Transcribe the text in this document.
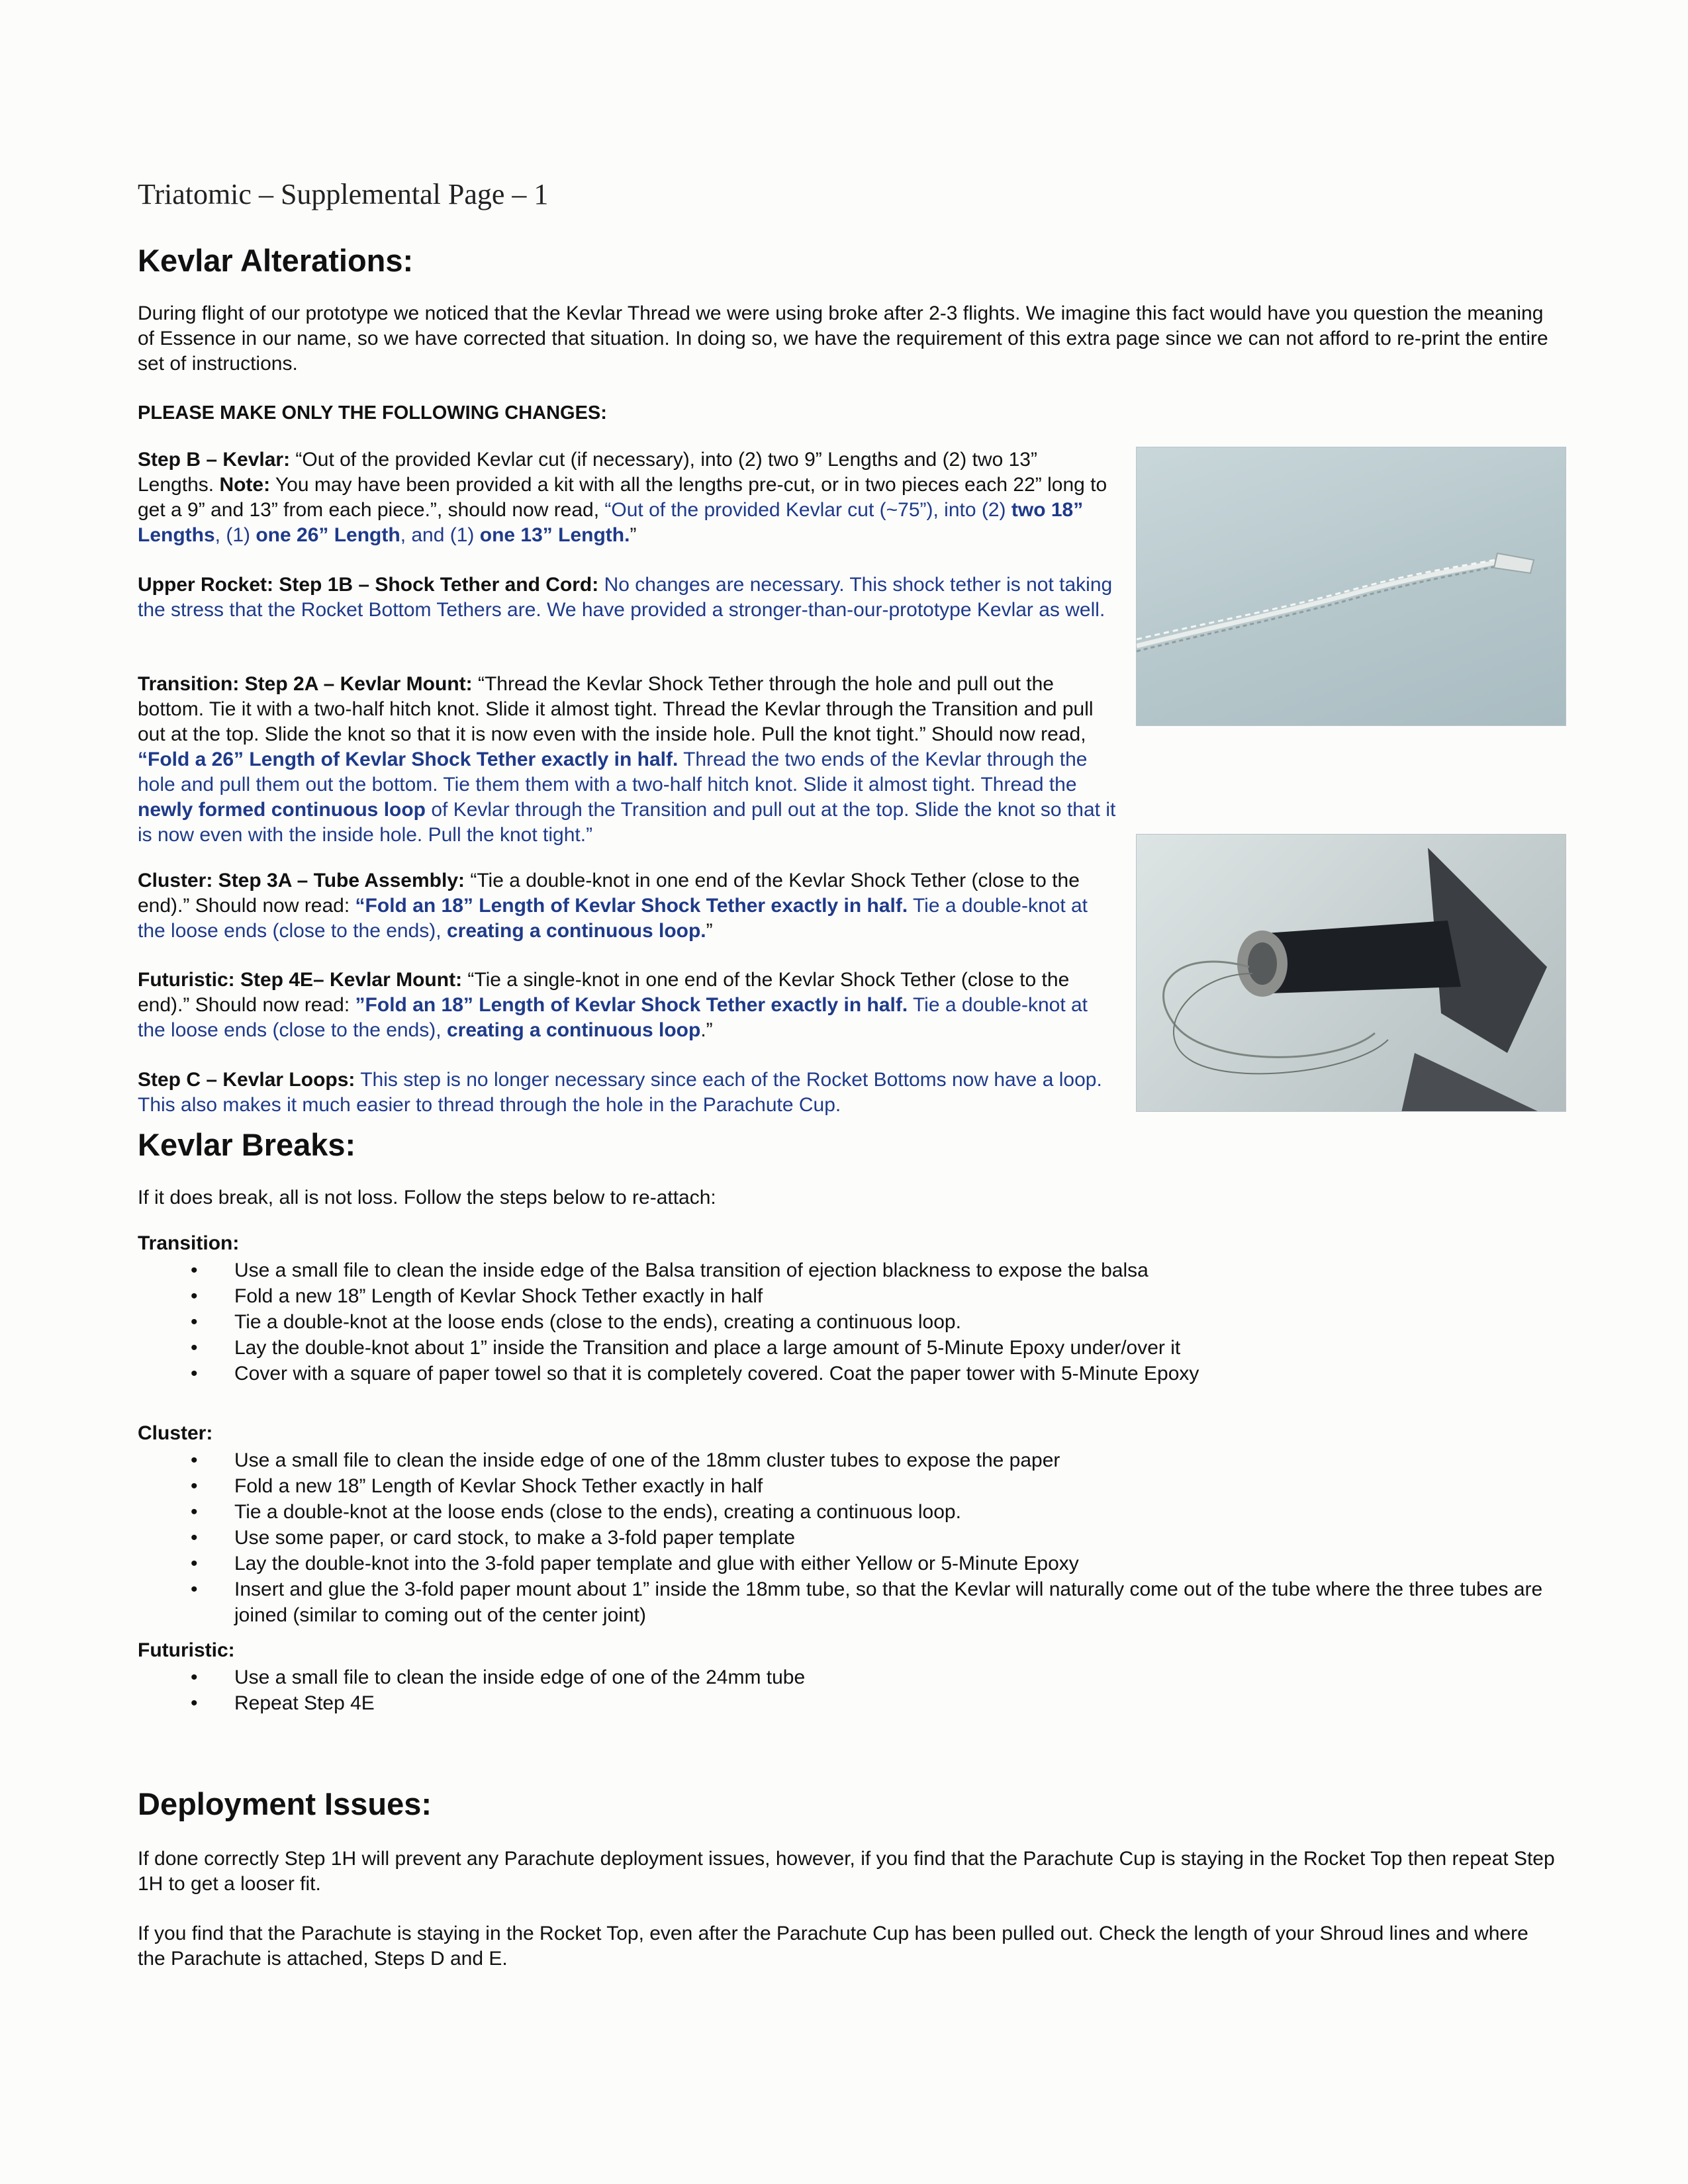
Triatomic – Supplemental Page – 1
Kevlar Alterations:
During flight of our prototype we noticed that the Kevlar Thread we were using broke after 2-3 flights. We imagine this fact would have you question the meaning of Essence in our name, so we have corrected that situation. In doing so, we have the requirement of this extra page since we can not afford to re-print the entire set of instructions.
PLEASE MAKE ONLY THE FOLLOWING CHANGES:
Step B – Kevlar: “Out of the provided Kevlar cut (if necessary), into (2) two 9” Lengths and (2) two 13” Lengths. Note: You may have been provided a kit with all the lengths pre-cut, or in two pieces each 22” long to get a 9” and 13” from each piece.”, should now read, “Out of the provided Kevlar cut (~75”), into (2) two 18” Lengths, (1) one 26” Length, and (1) one 13” Length.”
Upper Rocket: Step 1B – Shock Tether and Cord: No changes are necessary. This shock tether is not taking the stress that the Rocket Bottom Tethers are. We have provided a stronger-than-our-prototype Kevlar as well.
Transition: Step 2A – Kevlar Mount: “Thread the Kevlar Shock Tether through the hole and pull out the bottom. Tie it with a two-half hitch knot. Slide it almost tight. Thread the Kevlar through the Transition and pull out at the top. Slide the knot so that it is now even with the inside hole. Pull the knot tight.” Should now read, “Fold a 26” Length of Kevlar Shock Tether exactly in half. Thread the two ends of the Kevlar through the hole and pull them out the bottom. Tie them them with a two-half hitch knot. Slide it almost tight. Thread the newly formed continuous loop of Kevlar through the Transition and pull out at the top. Slide the knot so that it is now even with the inside hole. Pull the knot tight.”
Cluster: Step 3A – Tube Assembly: “Tie a double-knot in one end of the Kevlar Shock Tether (close to the end).” Should now read: “Fold an 18” Length of Kevlar Shock Tether exactly in half. Tie a double-knot at the loose ends (close to the ends), creating a continuous loop.”
Futuristic: Step 4E– Kevlar Mount: “Tie a single-knot in one end of the Kevlar Shock Tether (close to the end).” Should now read: ”Fold an 18” Length of Kevlar Shock Tether exactly in half. Tie a double-knot at the loose ends (close to the ends), creating a continuous loop.”
Step C – Kevlar Loops: This step is no longer necessary since each of the Rocket Bottoms now have a loop. This also makes it much easier to thread through the hole in the Parachute Cup.
Kevlar Breaks:
If it does break, all is not loss. Follow the steps below to re-attach:
Transition:
• Use a small file to clean the inside edge of the Balsa transition of ejection blackness to expose the balsa
• Fold a new 18” Length of Kevlar Shock Tether exactly in half
• Tie a double-knot at the loose ends (close to the ends), creating a continuous loop.
• Lay the double-knot about 1” inside the Transition and place a large amount of 5-Minute Epoxy under/over it
• Cover with a square of paper towel so that it is completely covered. Coat the paper tower with 5-Minute Epoxy
Cluster:
• Use a small file to clean the inside edge of one of the 18mm cluster tubes to expose the paper
• Fold a new 18” Length of Kevlar Shock Tether exactly in half
• Tie a double-knot at the loose ends (close to the ends), creating a continuous loop.
• Use some paper, or card stock, to make a 3-fold paper template
• Lay the double-knot into the 3-fold paper template and glue with either Yellow or 5-Minute Epoxy
• Insert and glue the 3-fold paper mount about 1” inside the 18mm tube, so that the Kevlar will naturally come out of the tube where the three tubes are joined (similar to coming out of the center joint)
Futuristic:
• Use a small file to clean the inside edge of one of the 24mm tube
• Repeat Step 4E
Deployment Issues:
If done correctly Step 1H will prevent any Parachute deployment issues, however, if you find that the Parachute Cup is staying in the Rocket Top then repeat Step 1H to get a looser fit.
If you find that the Parachute is staying in the Rocket Top, even after the Parachute Cup has been pulled out. Check the length of your Shroud lines and where the Parachute is attached, Steps D and E.
